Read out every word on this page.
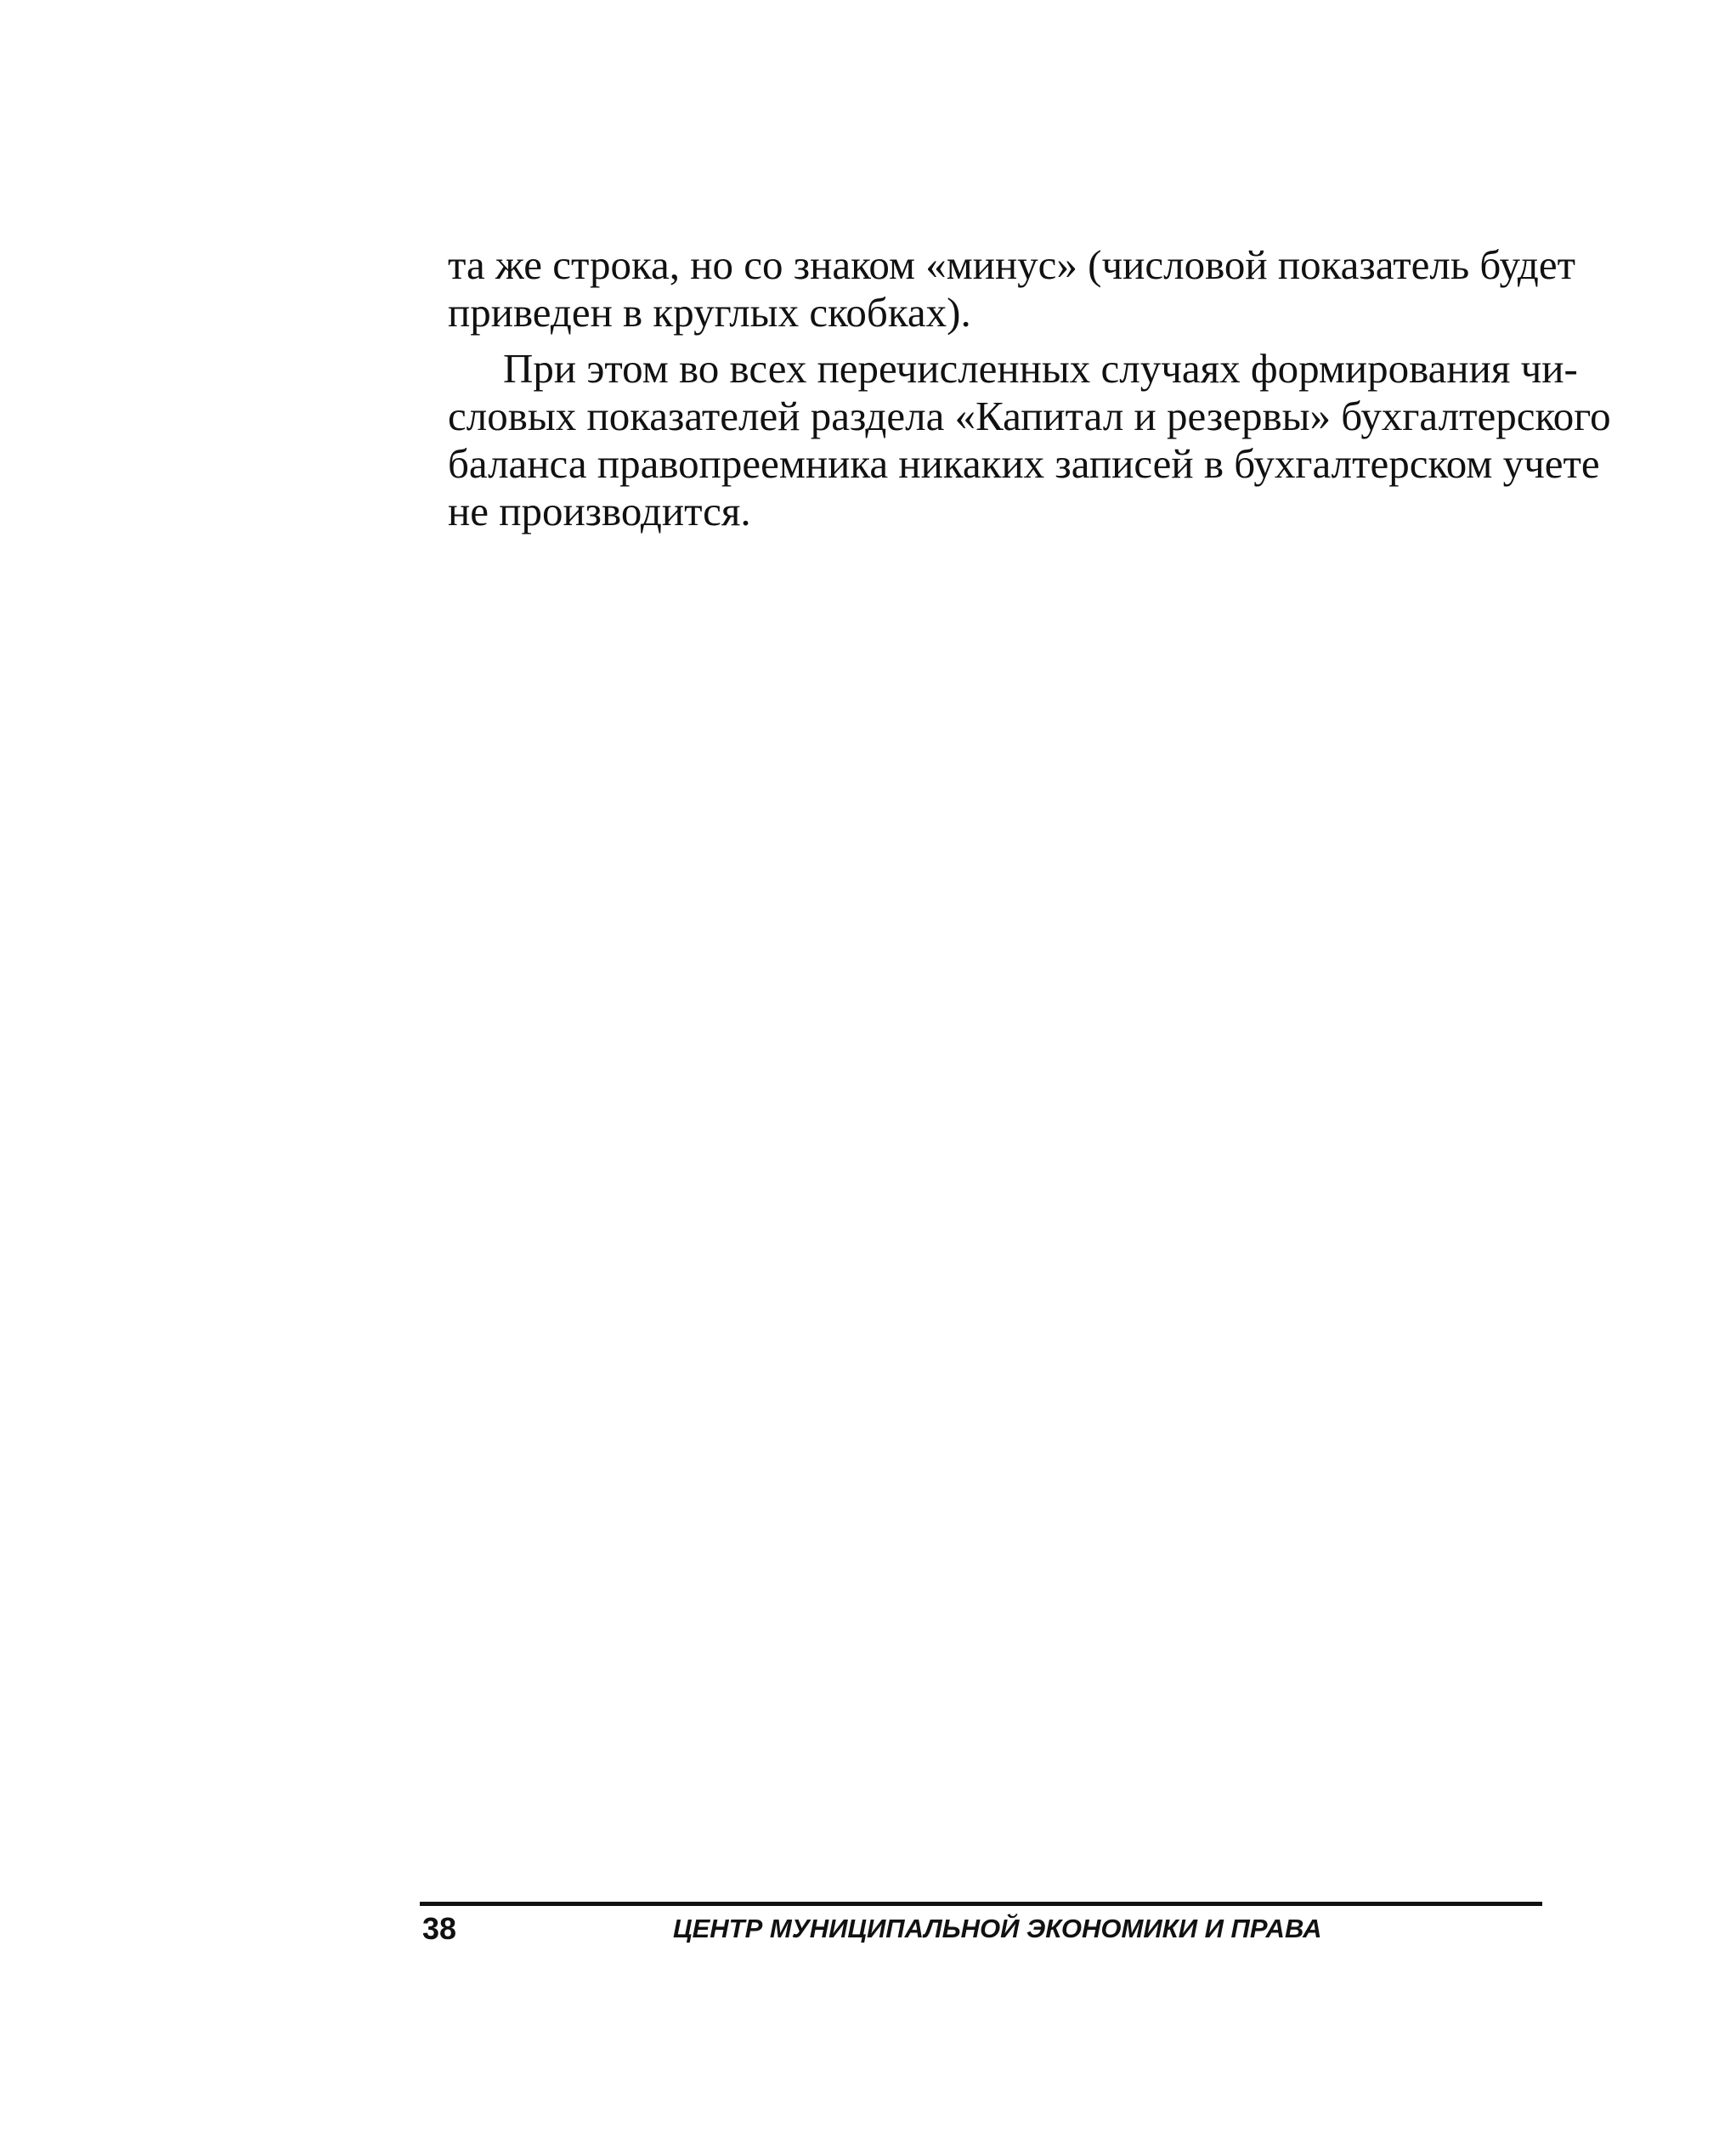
та же строка, но со знаком «минус» (числовой показатель будет
приведен в круглых скобках).
При этом во всех перечисленных случаях формирования чи-
словых показателей раздела «Капитал и резервы» бухгалтерского
баланса правопреемника никаких записей в бухгалтерском учете
не производится.
38	ЦЕНТР МУНИЦИПАЛЬНОЙ ЭКОНОМИКИ И ПРАВА
